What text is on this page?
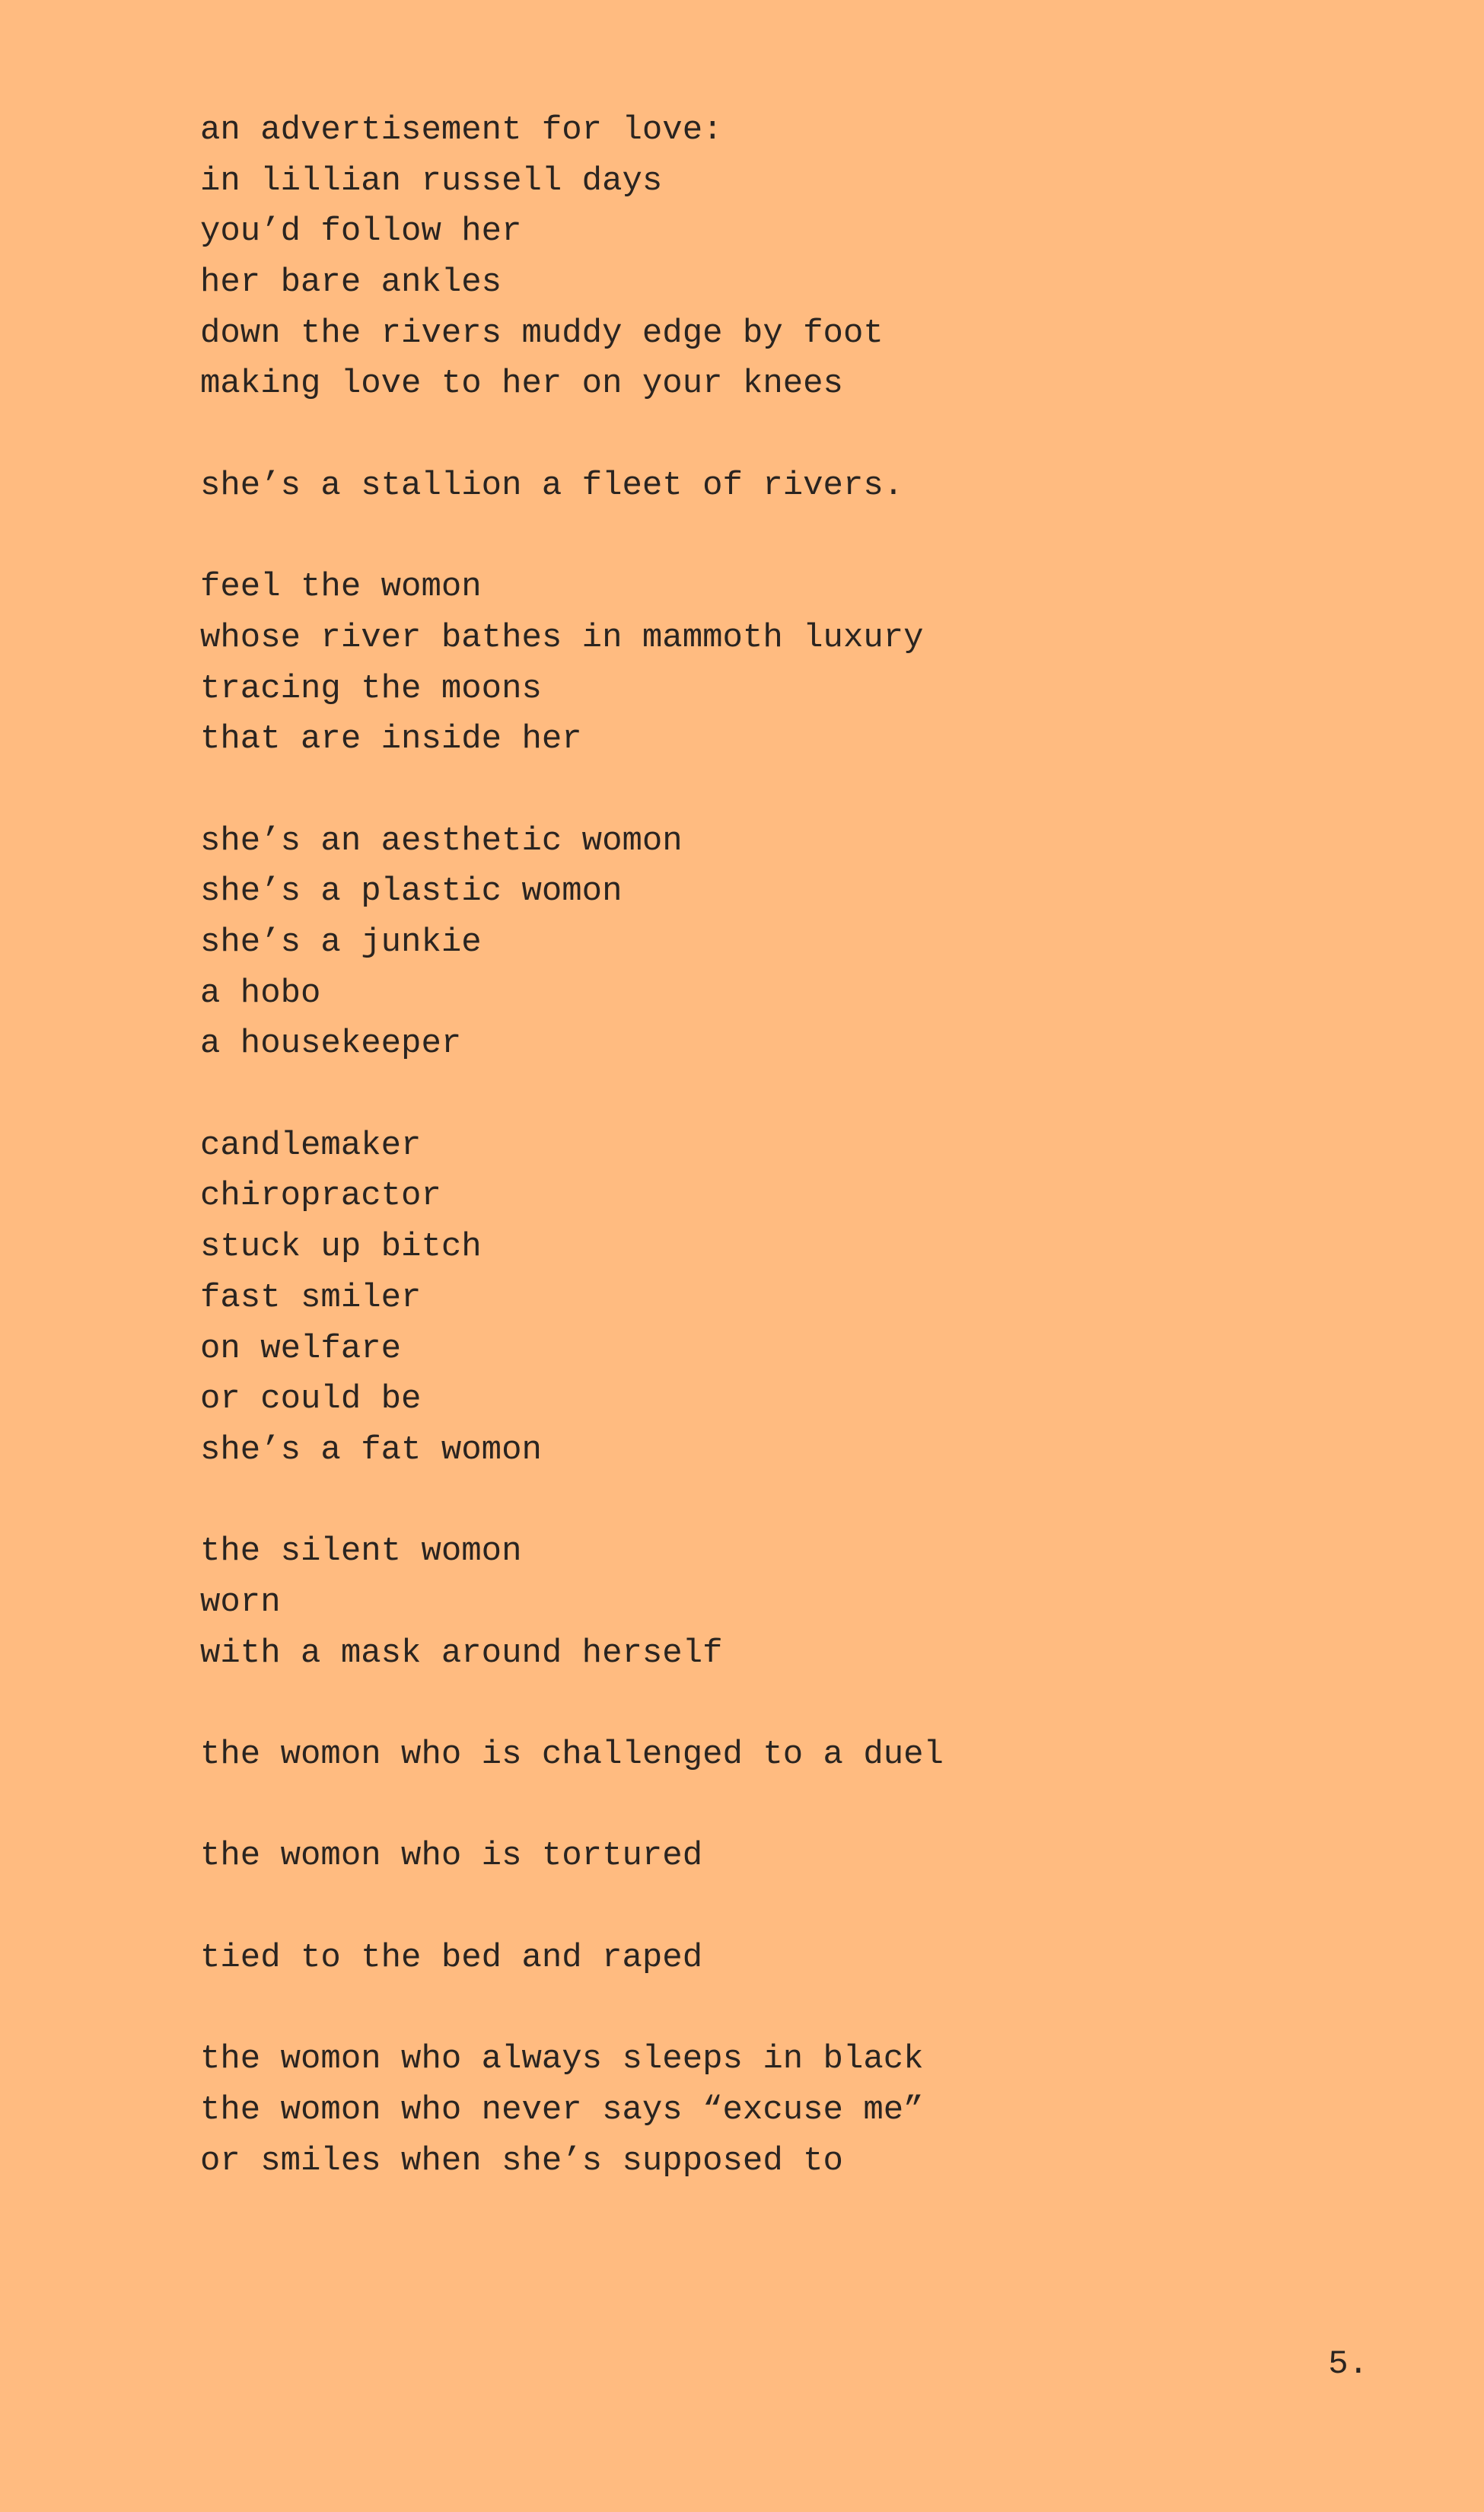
an advertisement for love:
in lillian russell days
you’d follow her
her bare ankles
down the rivers muddy edge by foot
making love to her on your knees
she’s a stallion a fleet of rivers.
feel the womon
whose river bathes in mammoth luxury
tracing the moons
that are inside her
she’s an aesthetic womon
she’s a plastic womon
she’s a junkie
a hobo
a housekeeper
candlemaker
chiropractor
stuck up bitch
fast smiler
on welfare
or could be
she’s a fat womon
the silent womon
worn
with a mask around herself
the womon who is challenged to a duel
the womon who is tortured
tied to the bed and raped
the womon who always sleeps in black
the womon who never says “excuse me”
or smiles when she’s supposed to
5.
